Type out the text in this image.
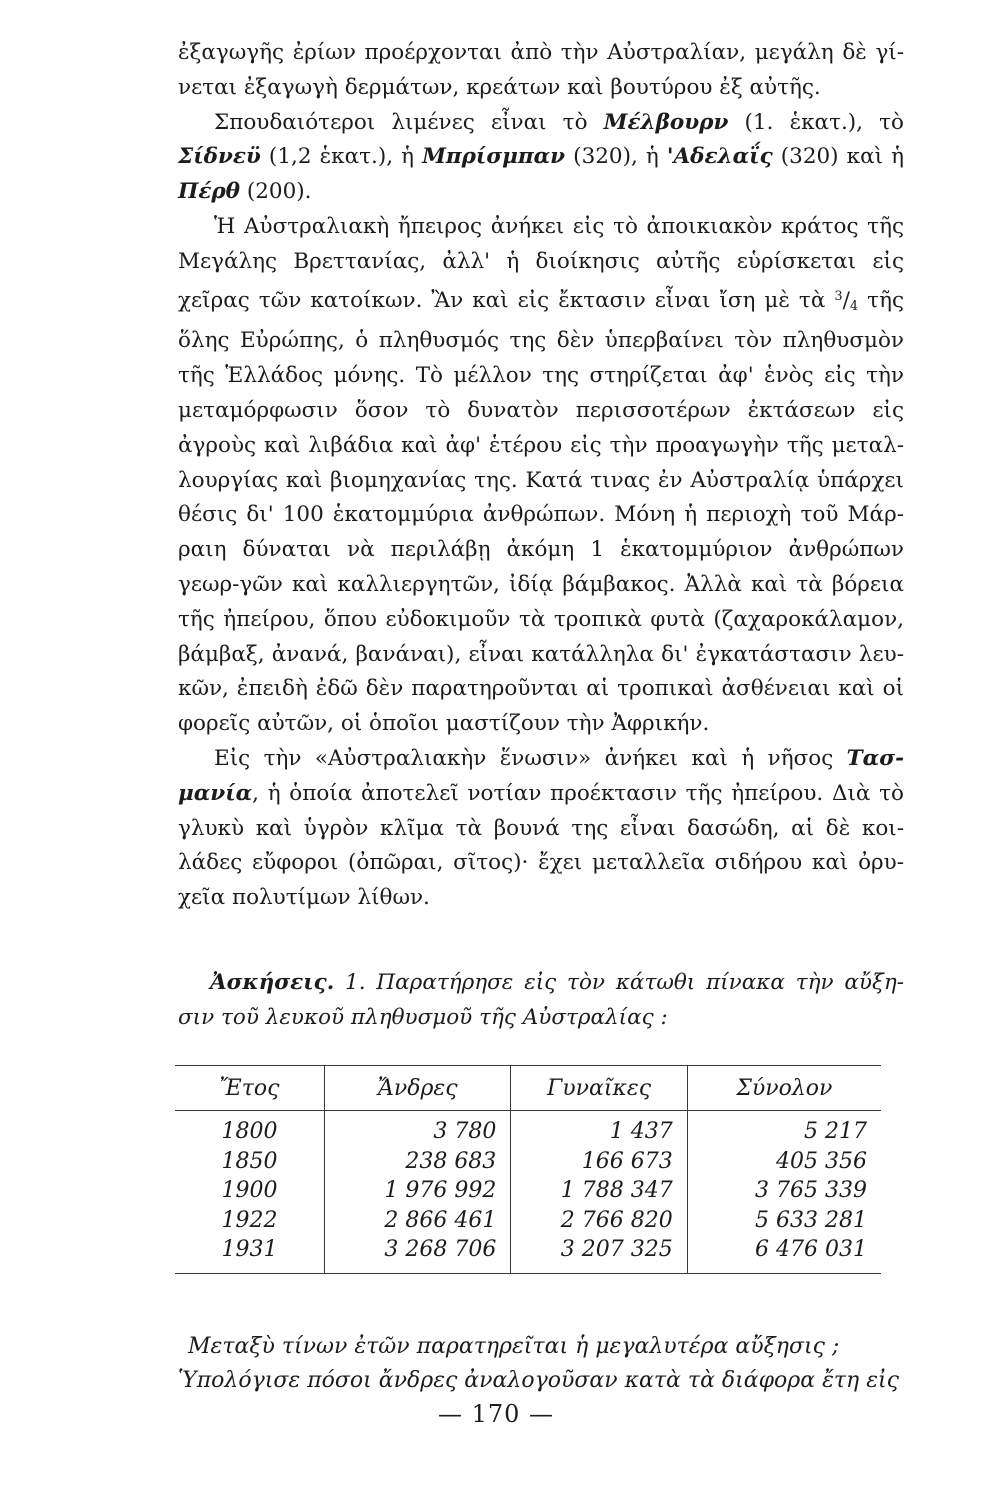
ἐξαγωγῆς ἐρίων προέρχονται ἀπὸ τὴν Αὐστραλίαν, μεγάλη δὲ γί-νεται ἐξαγωγὴ δερμάτων, κρεάτων καὶ βουτύρου ἐξ αὐτῆς.

Σπουδαιότεροι λιμένες εἶναι τὸ Μέλβουρν (1. ἑκατ.), τὸ Σίδνεϋ (1,2 ἑκατ.), ἡ Μπρίσμπαν (320), ἡ 'Αδελαΐς (320) καὶ ἡ Πέρθ (200).

Ἡ Αὐστραλιακὴ ἤπειρος ἀνήκει εἰς τὸ ἀποικιακὸν κράτος τῆς Μεγάλης Βρεττανίας, ἀλλ' ἡ διοίκησις αὐτῆς εὑρίσκεται εἰς χεῖρας τῶν κατοίκων. Ἂν καὶ εἰς ἔκτασιν εἶναι ἴση μὲ τὰ $^3/_4$ τῆς ὅλης Εὐρώπης, ὁ πληθυσμός της δὲν ὑπερβαίνει τὸν πληθυσμὸν τῆς Ἑλλάδος μόνης. Τὸ μέλλον της στηρίζεται ἀφ' ἑνὸς εἰς τὴν μεταμόρφωσιν ὅσον τὸ δυνατὸν περισσοτέρων ἐκτάσεων εἰς ἀγροὺς καὶ λιβάδια καὶ ἀφ' ἑτέρου εἰς τὴν προαγωγὴν τῆς μεταλ-λουργίας καὶ βιομηχανίας της. Κατά τινας ἐν Αὐστραλίᾳ ὑπάρχει θέσις δι' 100 ἑκατομμύρια ἀνθρώπων. Μόνη ἡ περιοχὴ τοῦ Μάρ-ραιη δύναται νὰ περιλάβῃ ἀκόμη 1 ἑκατομμύριον ἀνθρώπων γεωρ-γῶν καὶ καλλιεργητῶν, ἰδίᾳ βάμβακος. Ἀλλὰ καὶ τὰ βόρεια τῆς ἠπείρου, ὅπου εὐδοκιμοῦν τὰ τροπικὰ φυτὰ (ζαχαροκάλαμον, βάμβαξ, ἀνανά, βανάναι), εἶναι κατάλληλα δι' ἐγκατάστασιν λευ-κῶν, ἐπειδὴ ἐδῶ δὲν παρατηροῦνται αἱ τροπικαὶ ἀσθένειαι καὶ οἱ φορεῖς αὐτῶν, οἱ ὁποῖοι μαστίζουν τὴν Ἀφρικήν.

Εἰς τὴν «Αὐστραλιακὴν ἕνωσιν» ἀνήκει καὶ ἡ νῆσος Τασ-μανία, ἡ ὁποία ἀποτελεῖ νοτίαν προέκτασιν τῆς ἠπείρου. Διὰ τὸ γλυκὺ καὶ ὑγρὸν κλῖμα τὰ βουνά της εἶναι δασώδη, αἱ δὲ κοι-λάδες εὔφοροι (ὀπῶραι, σῖτος)· ἔχει μεταλλεῖα σιδήρου καὶ ὀρυ-χεῖα πολυτίμων λίθων.

Ἀσκήσεις. 1. Παρατήρησε εἰς τὸν κάτωθι πίνακα τὴν αὔξη-σιν τοῦ λευκοῦ πληθυσμοῦ τῆς Αὐστραλίας :
Ἔτος	Ἄνδρες	Γυναῖκες	Σύνολον
1800	3 780	1 437	5 217
1850	238 683	166 673	405 356
1900	1 976 992	1 788 347	3 765 339
1922	2 866 461	2 766 820	5 633 281
1931	3 268 706	3 207 325	6 476 031

Μεταξὺ τίνων ἐτῶν παρατηρεῖται ἡ μεγαλυτέρα αὔξησις ;

Ὑπολόγισε πόσοι ἄνδρες ἀναλογοῦσαν κατὰ τὰ διάφορα ἔτη εἰς

— 170 —
